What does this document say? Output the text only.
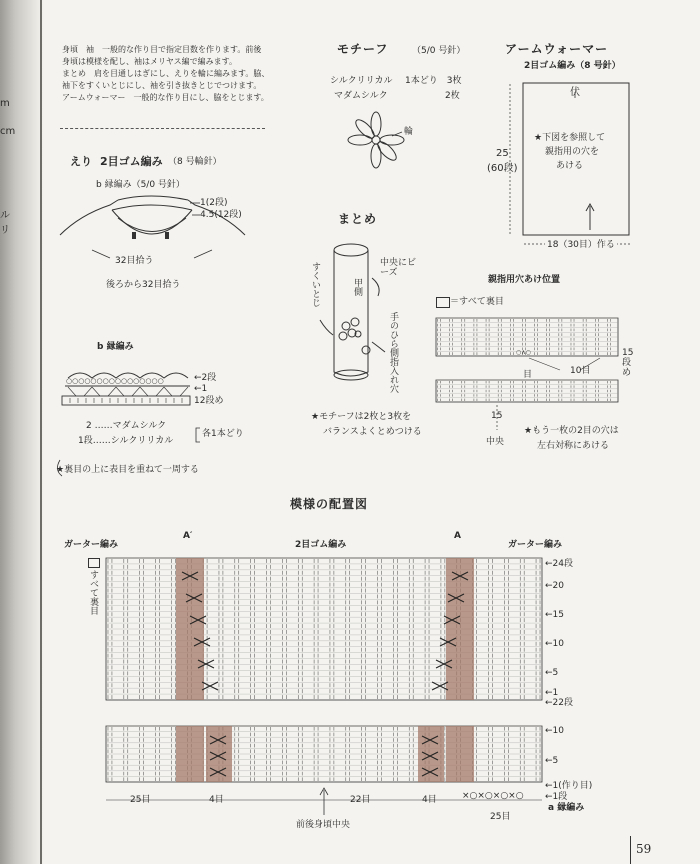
m
cm
ル
リ
身頃　袖　一般的な作り目で指定目数を作ります。前後
身頃は模様を配し、袖はメリヤス編で編みます。
まとめ　肩を目通しはぎにし、えりを輪に編みます。脇、
袖下をすくいとじにし、袖を引き抜きとじでつけます。
アームウォーマー　一般的な作り目にし、脇をとじます。
えり 2目ゴム編み （8 号輪針）
b 縁編み（5/0 号針）
1(2段)
4.5(12段)
32目拾う
後ろから32目拾う
b 縁編み
○○○○○○○○○○○○○○○○	←2段
←1
12段め
2 ……マダムシルク
1段……シルクリリカル
各1本どり
★裏目の上に表目を重ねて一周する
モチーフ	（5/0 号針）
シルクリリカル 1本どり　3枚
マダムシルク	2枚
輪
まとめ
甲側
すくいとじ	中央にビーズ
手のひら側指入れ穴
★モチーフは2枚と3枚を
バランスよくとめつける
アームウォーマー
2目ゴム編み（8 号針）
伏
25
(60段)
★下図を参照して
親指用の穴を
あける
18（30目）作る
親指用穴あけ位置
＝すべて裏目
○∧○	15段め
10目
目
15
中央
★もう一枚の2目の穴は
左右対称にあける
模様の配置図
ガーター編み
A′
2目ゴム編み
A
ガーター編み
すべて裏目
←24段
←20
←15
←10
←5
←1
←22段
←10
←5
←1(作り目)
←1段
25目	4目	22目	4目	×○×○×○×○
a 縁編み
25目
前後身頃中央
59
